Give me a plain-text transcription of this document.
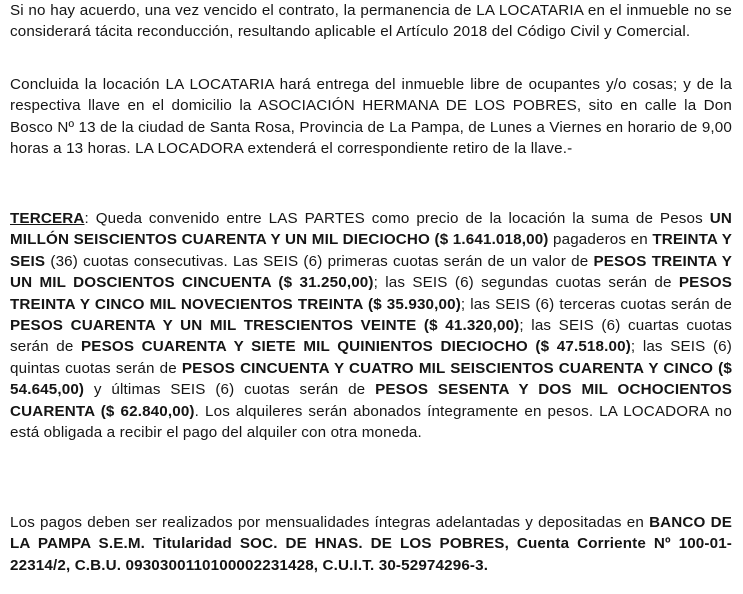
Si no hay acuerdo, una vez vencido el contrato, la permanencia de LA LOCATARIA en el inmueble no se considerará tácita reconducción, resultando aplicable el Artículo 2018 del Código Civil y Comercial.

Concluida la locación LA LOCATARIA hará entrega del inmueble libre de ocupantes y/o cosas; y de la respectiva llave en el domicilio la ASOCIACIÓN HERMANA DE LOS POBRES, sito en calle la Don Bosco Nº 13 de la ciudad de Santa Rosa, Provincia de La Pampa, de Lunes a Viernes en horario de 9,00 horas a 13 horas. LA LOCADORA extenderá el correspondiente retiro de la llave.-

TERCERA: Queda convenido entre LAS PARTES como precio de la locación la suma de Pesos UN MILLÓN SEISCIENTOS CUARENTA Y UN MIL DIECIOCHO ($ 1.641.018,00) pagaderos en TREINTA Y SEIS (36) cuotas consecutivas. Las SEIS (6) primeras cuotas serán de un valor de PESOS TREINTA Y UN MIL DOSCIENTOS CINCUENTA ($ 31.250,00); las SEIS (6) segundas cuotas serán de PESOS TREINTA Y CINCO MIL NOVECIENTOS TREINTA ($ 35.930,00); las SEIS (6) terceras cuotas serán de PESOS CUARENTA Y UN MIL TRESCIENTOS VEINTE ($ 41.320,00); las SEIS (6) cuartas cuotas serán de PESOS CUARENTA Y SIETE MIL QUINIENTOS DIECIOCHO ($ 47.518.00); las SEIS (6) quintas cuotas serán de PESOS CINCUENTA Y CUATRO MIL SEISCIENTOS CUARENTA Y CINCO ($ 54.645,00) y últimas SEIS (6) cuotas serán de PESOS SESENTA Y DOS MIL OCHOCIENTOS CUARENTA ($ 62.840,00). Los alquileres serán abonados íntegramente en pesos. LA LOCADORA no está obligada a recibir el pago del alquiler con otra moneda.

Los pagos deben ser realizados por mensualidades íntegras adelantadas y depositadas en BANCO DE LA PAMPA S.E.M. Titularidad SOC. DE HNAS. DE LOS POBRES, Cuenta Corriente Nº 100-01-22314/2, C.B.U. 0930300110100002231428, C.U.I.T. 30-52974296-3.
